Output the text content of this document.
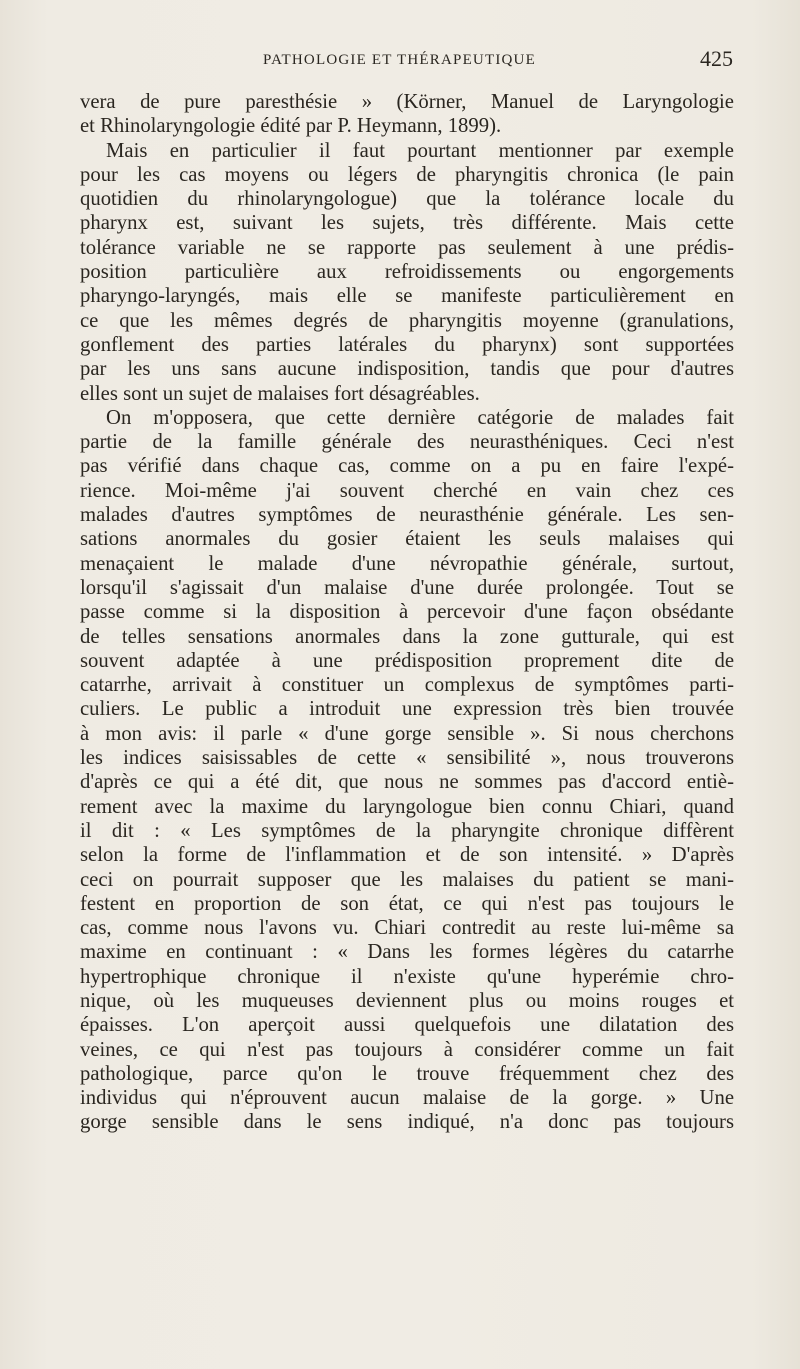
PATHOLOGIE ET THÉRAPEUTIQUE	425
vera de pure paresthésie » (Körner, Manuel de Laryngologie
et Rhinolaryngologie édité par P. Heymann, 1899).
Mais en particulier il faut pourtant mentionner par exemple
pour les cas moyens ou légers de pharyngitis chronica (le pain
quotidien du rhinolaryngologue) que la tolérance locale du
pharynx est, suivant les sujets, très différente. Mais cette
tolérance variable ne se rapporte pas seulement à une prédis-
position particulière aux refroidissements ou engorgements
pharyngo-laryngés, mais elle se manifeste particulièrement en
ce que les mêmes degrés de pharyngitis moyenne (granulations,
gonflement des parties latérales du pharynx) sont supportées
par les uns sans aucune indisposition, tandis que pour d'autres
elles sont un sujet de malaises fort désagréables.
On m'opposera, que cette dernière catégorie de malades fait
partie de la famille générale des neurasthéniques. Ceci n'est
pas vérifié dans chaque cas, comme on a pu en faire l'expé-
rience. Moi-même j'ai souvent cherché en vain chez ces
malades d'autres symptômes de neurasthénie générale. Les sen-
sations anormales du gosier étaient les seuls malaises qui
menaçaient le malade d'une névropathie générale, surtout,
lorsqu'il s'agissait d'un malaise d'une durée prolongée. Tout se
passe comme si la disposition à percevoir d'une façon obsédante
de telles sensations anormales dans la zone gutturale, qui est
souvent adaptée à une prédisposition proprement dite de
catarrhe, arrivait à constituer un complexus de symptômes parti-
culiers. Le public a introduit une expression très bien trouvée
à mon avis: il parle « d'une gorge sensible ». Si nous cherchons
les indices saisissables de cette « sensibilité », nous trouverons
d'après ce qui a été dit, que nous ne sommes pas d'accord entiè-
rement avec la maxime du laryngologue bien connu Chiari, quand
il dit : « Les symptômes de la pharyngite chronique diffèrent
selon la forme de l'inflammation et de son intensité. » D'après
ceci on pourrait supposer que les malaises du patient se mani-
festent en proportion de son état, ce qui n'est pas toujours le
cas, comme nous l'avons vu. Chiari contredit au reste lui-même sa
maxime en continuant : « Dans les formes légères du catarrhe
hypertrophique chronique il n'existe qu'une hyperémie chro-
nique, où les muqueuses deviennent plus ou moins rouges et
épaisses. L'on aperçoit aussi quelquefois une dilatation des
veines, ce qui n'est pas toujours à considérer comme un fait
pathologique, parce qu'on le trouve fréquemment chez des
individus qui n'éprouvent aucun malaise de la gorge. » Une
gorge sensible dans le sens indiqué, n'a donc pas toujours
